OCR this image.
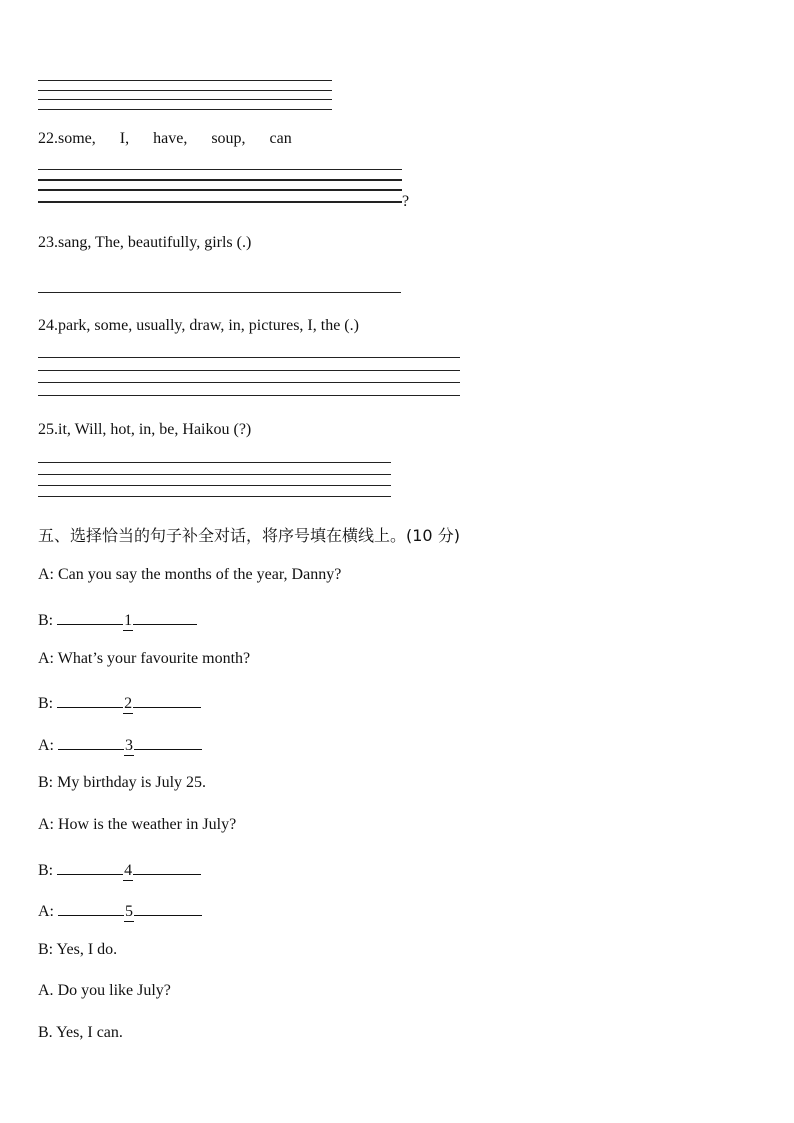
22.some, I, have, soup, can
?
23.sang, The, beautifully, girls (.)
24.park, some, usually, draw, in, pictures, I, the (.)
25.it, Will, hot, in, be, Haikou (?)
五、选择恰当的句子补全对话，将序号填在横线上。(10 分)
A: Can you say the months of the year, Danny?
B:	1
A: What’s your favourite month?
B:	2
A:	3
B: My birthday is July 25.
A: How is the weather in July?
B:	4
A:	5
B: Yes, I do.
A. Do you like July?
B. Yes, I can.
